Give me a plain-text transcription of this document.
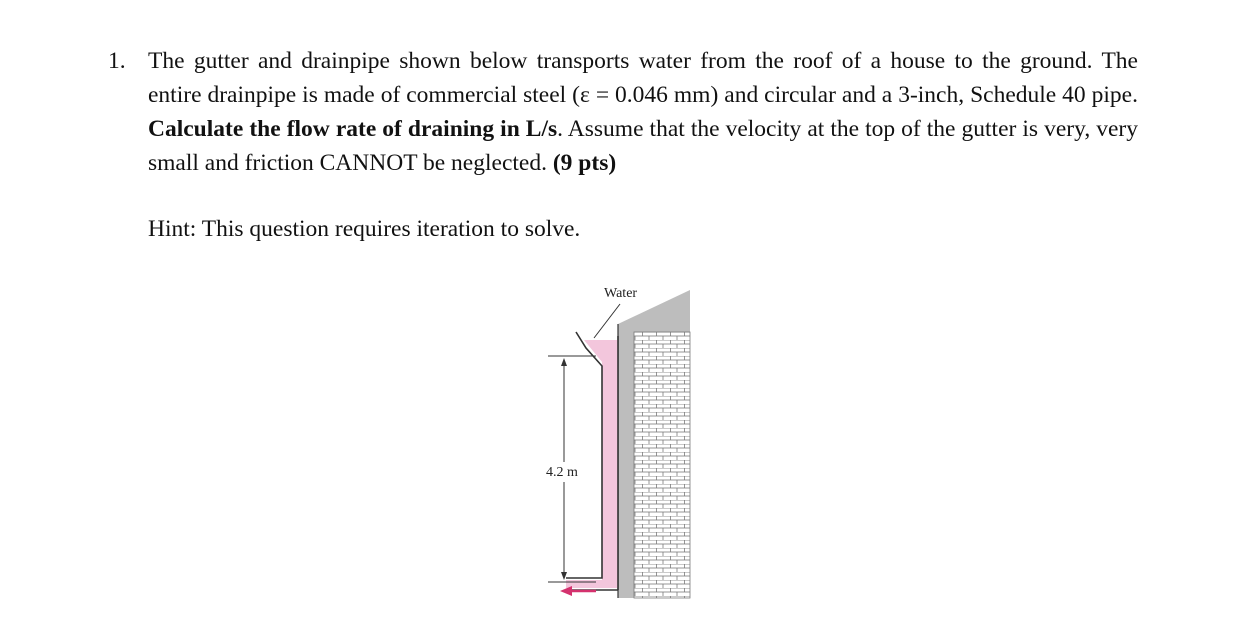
1. The gutter and drainpipe shown below transports water from the roof of a house to the ground. The entire drainpipe is made of commercial steel (ε = 0.046 mm) and circular and a 3-inch, Schedule 40 pipe. Calculate the flow rate of draining in L/s. Assume that the velocity at the top of the gutter is very, very small and friction CANNOT be neglected. (9 pts)
Hint: This question requires iteration to solve.
Water
4.2 m
